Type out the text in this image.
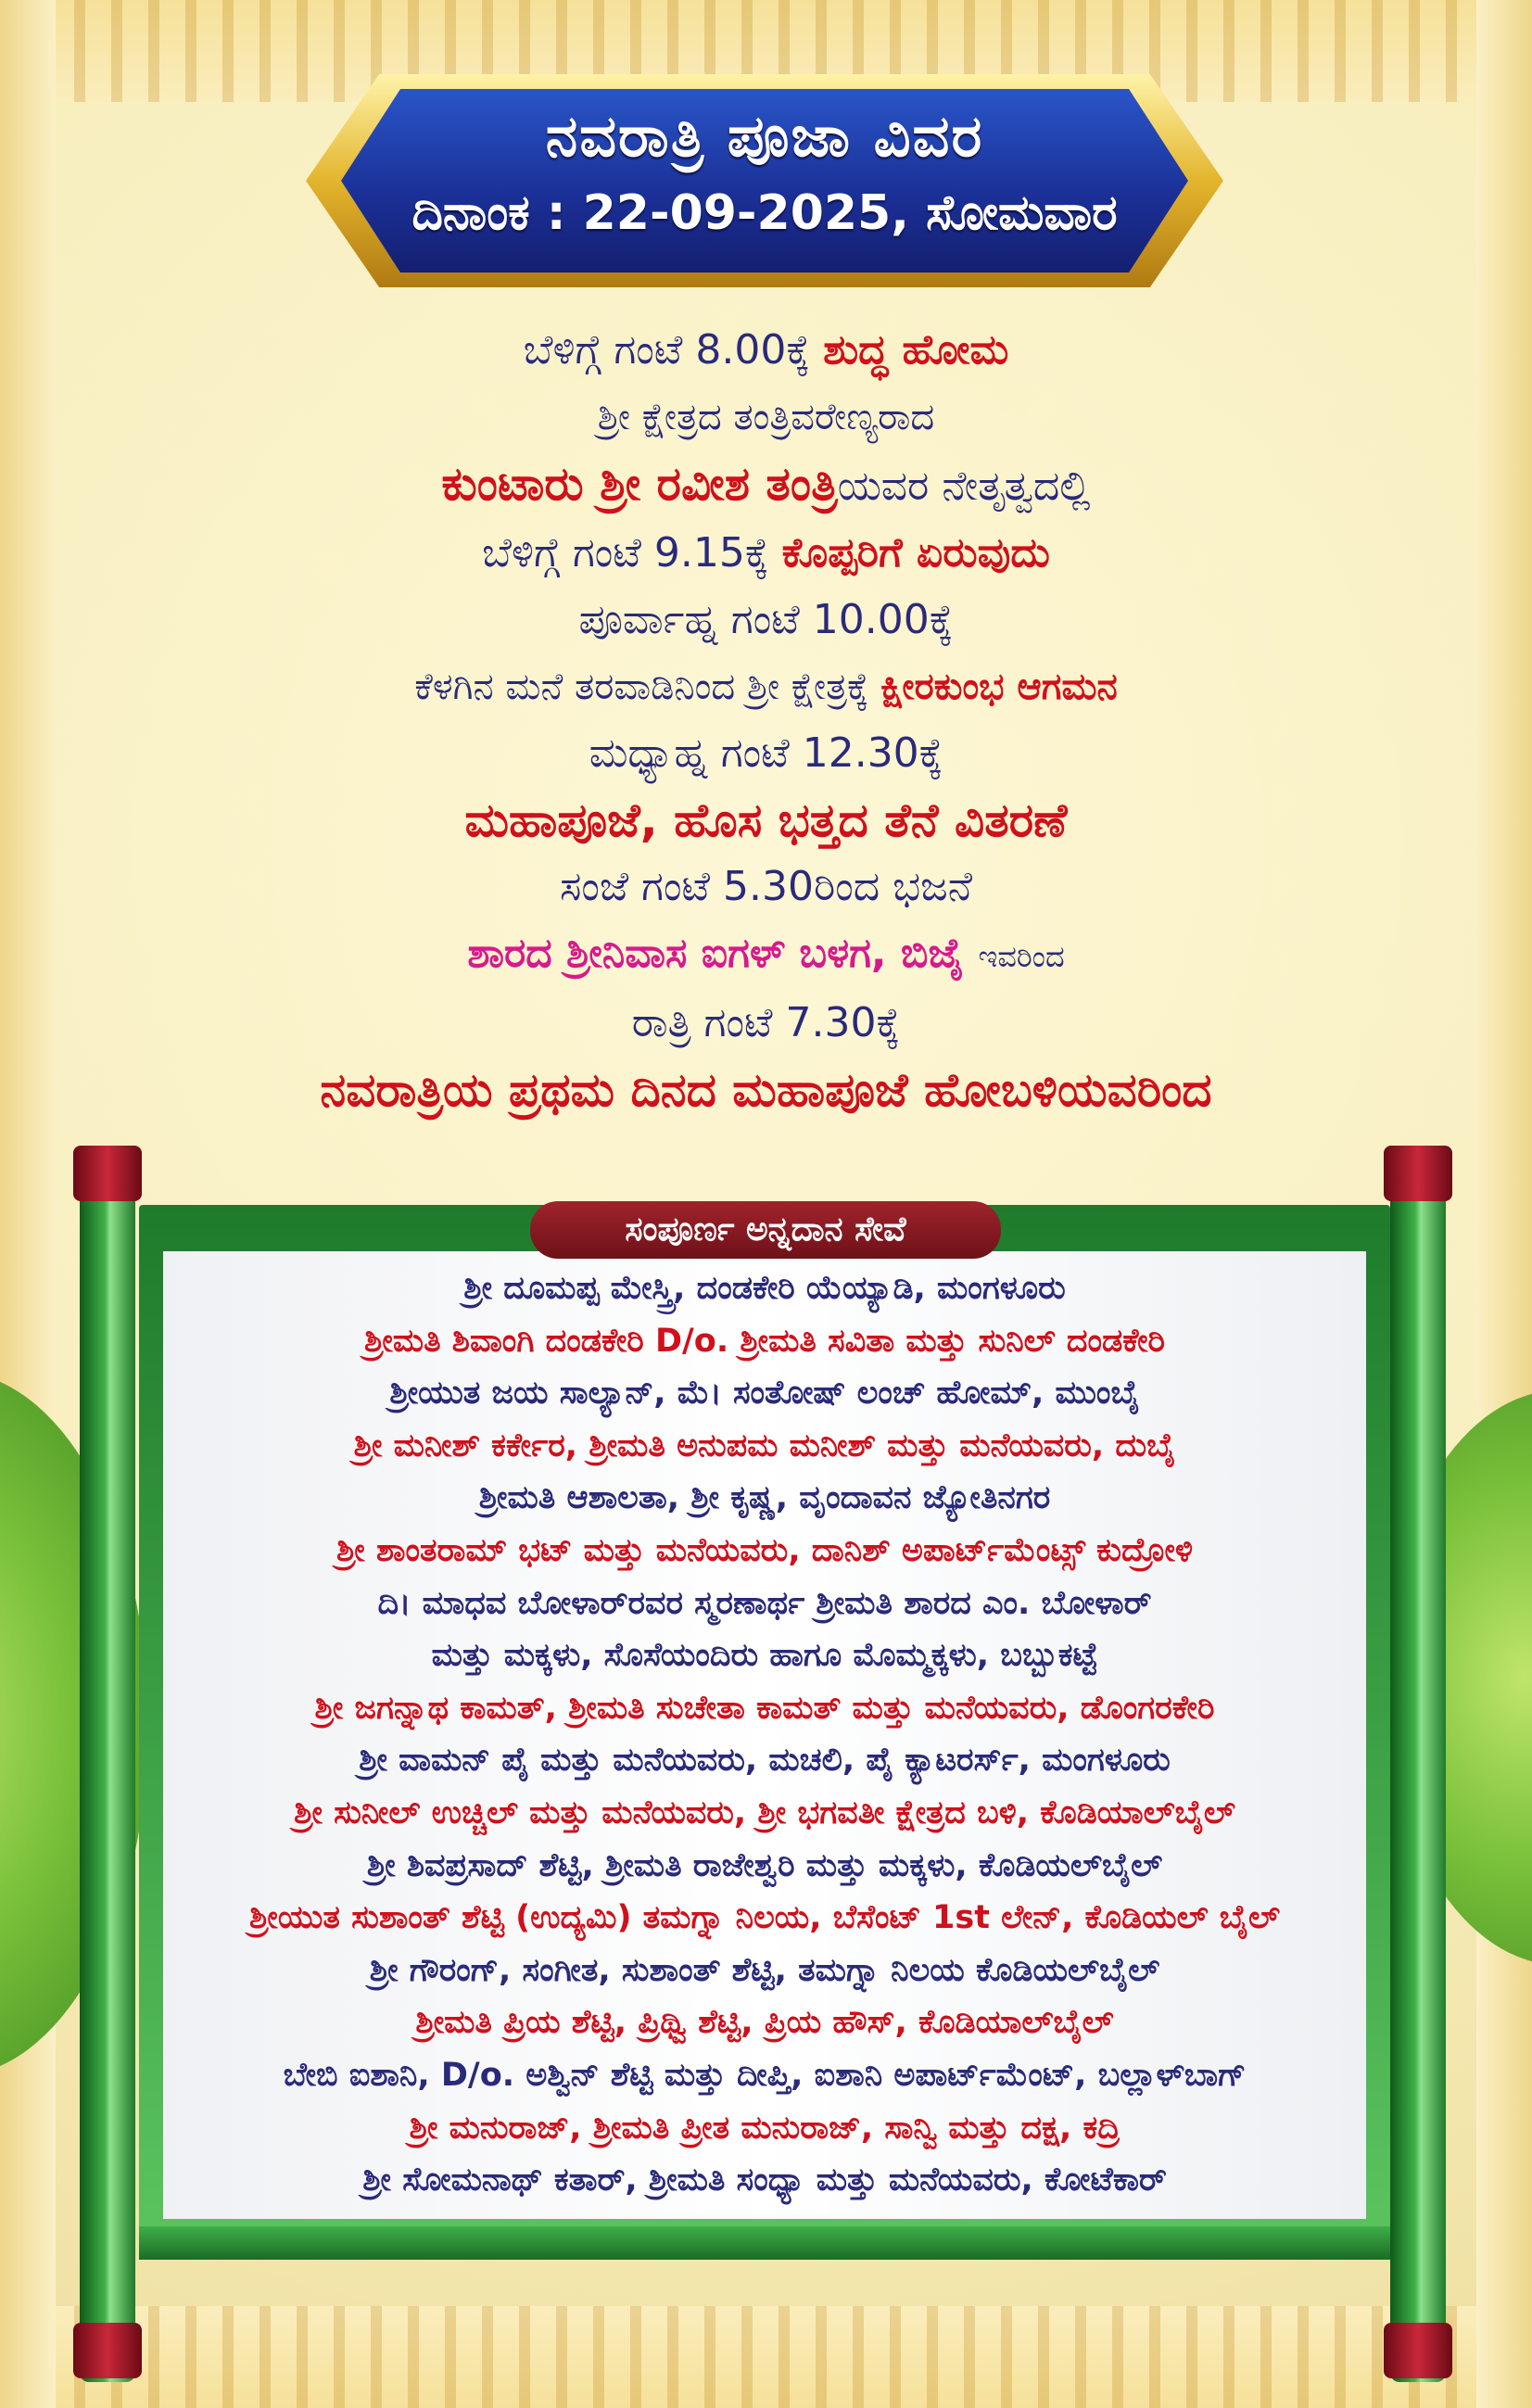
ನವರಾತ್ರಿ ಪೂಜಾ ವಿವರ
ದಿನಾಂಕ : 22-09-2025, ಸೋಮವಾರ

ಬೆಳಿಗ್ಗೆ ಗಂಟೆ 8.00ಕ್ಕೆ ಶುದ್ಧ ಹೋಮ

ಶ್ರೀ ಕ್ಷೇತ್ರದ ತಂತ್ರಿವರೇಣ್ಯರಾದ

ಕುಂಟಾರು ಶ್ರೀ ರವೀಶ ತಂತ್ರಿಯವರ ನೇತೃತ್ವದಲ್ಲಿ

ಬೆಳಿಗ್ಗೆ ಗಂಟೆ 9.15ಕ್ಕೆ ಕೊಪ್ಪರಿಗೆ ಏರುವುದು

ಪೂರ್ವಾಹ್ನ ಗಂಟೆ 10.00ಕ್ಕೆ

ಕೆಳಗಿನ ಮನೆ ತರವಾಡಿನಿಂದ ಶ್ರೀ ಕ್ಷೇತ್ರಕ್ಕೆ ಕ್ಷೀರಕುಂಭ ಆಗಮನ

ಮಧ್ಯಾಹ್ನ ಗಂಟೆ 12.30ಕ್ಕೆ

ಮಹಾಪೂಜೆ, ಹೊಸ ಭತ್ತದ ತೆನೆ ವಿತರಣೆ

ಸಂಜೆ ಗಂಟೆ 5.30ರಿಂದ ಭಜನೆ

ಶಾರದ ಶ್ರೀನಿವಾಸ ಐಗಳ್ ಬಳಗ, ಬಿಜೈ ಇವರಿಂದ

ರಾತ್ರಿ ಗಂಟೆ 7.30ಕ್ಕೆ

ನವರಾತ್ರಿಯ ಪ್ರಥಮ ದಿನದ ಮಹಾಪೂಜೆ ಹೋಬಳಿಯವರಿಂದ

ಸಂಪೂರ್ಣ ಅನ್ನದಾನ ಸೇವೆ

ಶ್ರೀ ದೂಮಪ್ಪ ಮೇಸ್ತ್ರಿ, ದಂಡಕೇರಿ ಯೆಯ್ಯಾಡಿ, ಮಂಗಳೂರು

ಶ್ರೀಮತಿ ಶಿವಾಂಗಿ ದಂಡಕೇರಿ D/o. ಶ್ರೀಮತಿ ಸವಿತಾ ಮತ್ತು ಸುನಿಲ್ ದಂಡಕೇರಿ

ಶ್ರೀಯುತ ಜಯ ಸಾಲ್ಯಾನ್, ಮೆ। ಸಂತೋಷ್ ಲಂಚ್ ಹೋಮ್, ಮುಂಬೈ

ಶ್ರೀ ಮನೀಶ್ ಕರ್ಕೇರ, ಶ್ರೀಮತಿ ಅನುಪಮ ಮನೀಶ್ ಮತ್ತು ಮನೆಯವರು, ದುಬೈ

ಶ್ರೀಮತಿ ಆಶಾಲತಾ, ಶ್ರೀ ಕೃಷ್ಣ, ವೃಂದಾವನ ಜ್ಯೋತಿನಗರ

ಶ್ರೀ ಶಾಂತರಾಮ್ ಭಟ್ ಮತ್ತು ಮನೆಯವರು, ದಾನಿಶ್ ಅಪಾರ್ಟ್‌ಮೆಂಟ್ಸ್ ಕುದ್ರೋಳಿ

ದಿ। ಮಾಧವ ಬೋಳಾರ್‌ರವರ ಸ್ಮರಣಾರ್ಥ ಶ್ರೀಮತಿ ಶಾರದ ಎಂ. ಬೋಳಾರ್

ಮತ್ತು ಮಕ್ಕಳು, ಸೊಸೆಯಂದಿರು ಹಾಗೂ ಮೊಮ್ಮಕ್ಕಳು, ಬಬ್ಬುಕಟ್ಟೆ

ಶ್ರೀ ಜಗನ್ನಾಥ ಕಾಮತ್, ಶ್ರೀಮತಿ ಸುಚೇತಾ ಕಾಮತ್ ಮತ್ತು ಮನೆಯವರು, ಡೊಂಗರಕೇರಿ

ಶ್ರೀ ವಾಮನ್ ಪೈ ಮತ್ತು ಮನೆಯವರು, ಮಚಲಿ, ಪೈ ಕ್ಯಾಟರರ್ಸ್, ಮಂಗಳೂರು

ಶ್ರೀ ಸುನೀಲ್ ಉಚ್ಚಿಲ್ ಮತ್ತು ಮನೆಯವರು, ಶ್ರೀ ಭಗವತೀ ಕ್ಷೇತ್ರದ ಬಳಿ, ಕೊಡಿಯಾಲ್‌ಬೈಲ್

ಶ್ರೀ ಶಿವಪ್ರಸಾದ್ ಶೆಟ್ಟಿ, ಶ್ರೀಮತಿ ರಾಜೇಶ್ವರಿ ಮತ್ತು ಮಕ್ಕಳು, ಕೊಡಿಯಲ್‌ಬೈಲ್

ಶ್ರೀಯುತ ಸುಶಾಂತ್ ಶೆಟ್ಟಿ (ಉದ್ಯಮಿ) ತಮಗ್ನಾ ನಿಲಯ, ಬೆಸೆಂಟ್ 1st ಲೇನ್, ಕೊಡಿಯಲ್ ಬೈಲ್

ಶ್ರೀ ಗೌರಂಗ್, ಸಂಗೀತ, ಸುಶಾಂತ್ ಶೆಟ್ಟಿ, ತಮಗ್ನಾ ನಿಲಯ ಕೊಡಿಯಲ್‌ಬೈಲ್

ಶ್ರೀಮತಿ ಪ್ರಿಯ ಶೆಟ್ಟಿ, ಪ್ರಿಥ್ವಿ ಶೆಟ್ಟಿ, ಪ್ರಿಯ ಹೌಸ್, ಕೊಡಿಯಾಲ್‌ಬೈಲ್

ಬೇಬಿ ಐಶಾನಿ, D/o. ಅಶ್ವಿನ್ ಶೆಟ್ಟಿ ಮತ್ತು ದೀಪ್ತಿ, ಐಶಾನಿ ಅಪಾರ್ಟ್‌ಮೆಂಟ್, ಬಲ್ಲಾಳ್‌ಬಾಗ್

ಶ್ರೀ ಮನುರಾಜ್, ಶ್ರೀಮತಿ ಪ್ರೀತ ಮನುರಾಜ್, ಸಾನ್ವಿ ಮತ್ತು ದಕ್ಷ, ಕದ್ರಿ

ಶ್ರೀ ಸೋಮನಾಥ್ ಕತಾರ್, ಶ್ರೀಮತಿ ಸಂಧ್ಯಾ ಮತ್ತು ಮನೆಯವರು, ಕೋಟೆಕಾರ್
